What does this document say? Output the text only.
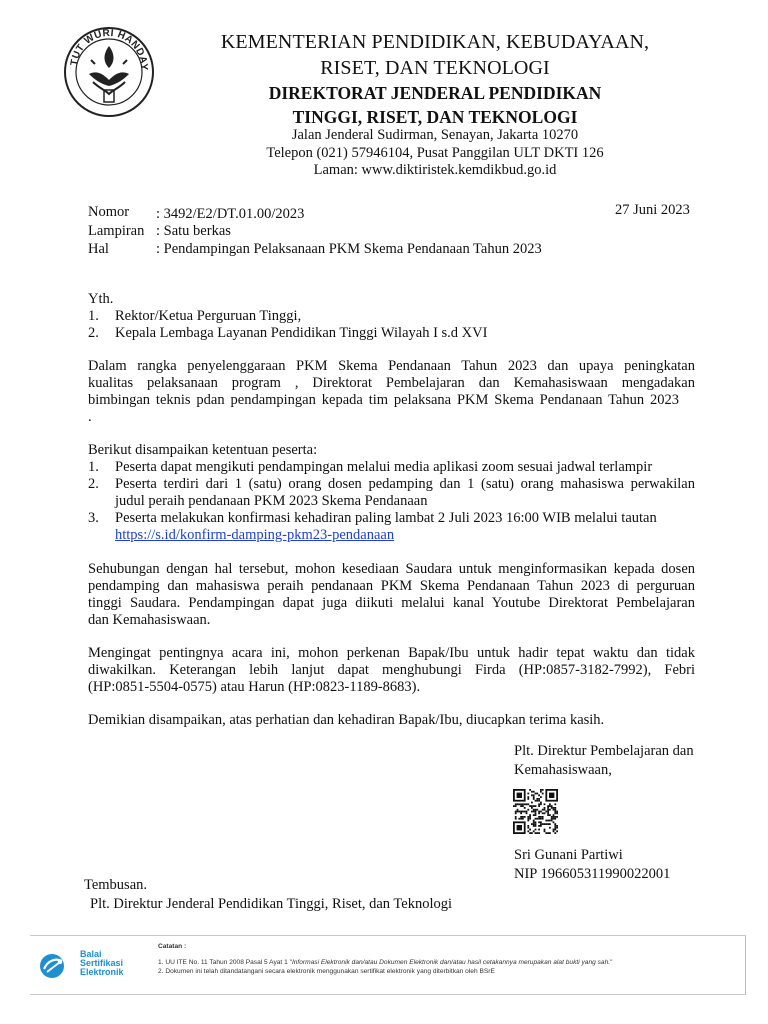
TUT WURI HANDAY
KEMENTERIAN PENDIDIKAN, KEBUDAYAAN,
RISET, DAN TEKNOLOGI
DIREKTORAT JENDERAL PENDIDIKAN
TINGGI, RISET, DAN TEKNOLOGI
Jalan Jenderal Sudirman, Senayan, Jakarta 10270
Telepon (021) 57946104, Pusat Panggilan ULT DKTI 126
Laman: www.diktiristek.kemdikbud.go.id
Nomor : 3492/E2/DT.01.00/2023
Lampiran : Satu berkas
Hal	: Pendampingan Pelaksanaan PKM Skema Pendanaan Tahun 2023
27 Juni 2023
Yth.
1. Rektor/Ketua Perguruan Tinggi,
2. Kepala Lembaga Layanan Pendidikan Tinggi Wilayah I s.d XVI
Dalam rangka penyelenggaraan PKM Skema Pendanaan Tahun 2023 dan upaya peningkatan
kualitas pelaksanaan program , Direktorat Pembelajaran dan Kemahasiswaan mengadakan
bimbingan teknis pdan pendampingan kepada tim pelaksana PKM Skema Pendanaan Tahun 2023
.
Berikut disampaikan ketentuan peserta:
1. Peserta dapat mengikuti pendampingan melalui media aplikasi zoom sesuai jadwal terlampir
2. Peserta terdiri dari 1 (satu) orang dosen pedamping dan 1 (satu) orang mahasiswa perwakilan
judul peraih pendanaan PKM 2023 Skema Pendanaan
3. Peserta melakukan konfirmasi kehadiran paling lambat 2 Juli 2023 16:00 WIB melalui tautan
https://s.id/konfirm-damping-pkm23-pendanaan
Sehubungan dengan hal tersebut, mohon kesediaan Saudara untuk menginformasikan kepada dosen
pendamping dan mahasiswa peraih pendanaan PKM Skema Pendanaan Tahun 2023 di perguruan
tinggi Saudara. Pendampingan dapat juga diikuti melalui kanal Youtube Direktorat Pembelajaran
dan Kemahasiswaan.
Mengingat pentingnya acara ini, mohon perkenan Bapak/Ibu untuk hadir tepat waktu dan tidak
diwakilkan. Keterangan lebih lanjut dapat menghubungi Firda (HP:0857-3182-7992), Febri
(HP:0851-5504-0575) atau Harun (HP:0823-1189-8683).
Demikian disampaikan, atas perhatian dan kehadiran Bapak/Ibu, diucapkan terima kasih.
Plt. Direktur Pembelajaran dan
Kemahasiswaan,
Sri Gunani Partiwi
NIP 196605311990022001
Tembusan.
Plt. Direktur Jenderal Pendidikan Tinggi, Riset, dan Teknologi
Balai
Sertifikasi
Elektronik
Catatan :
1. UU ITE No. 11 Tahun 2008 Pasal 5 Ayat 1 "Informasi Elektronik dan/atau Dokumen Elektronik dan/atau hasil cetakannya merupakan alat bukti yang sah."
2. Dokumen ini telah ditandatangani secara elektronik menggunakan sertifikat elektronik yang diterbitkan oleh BSrE
